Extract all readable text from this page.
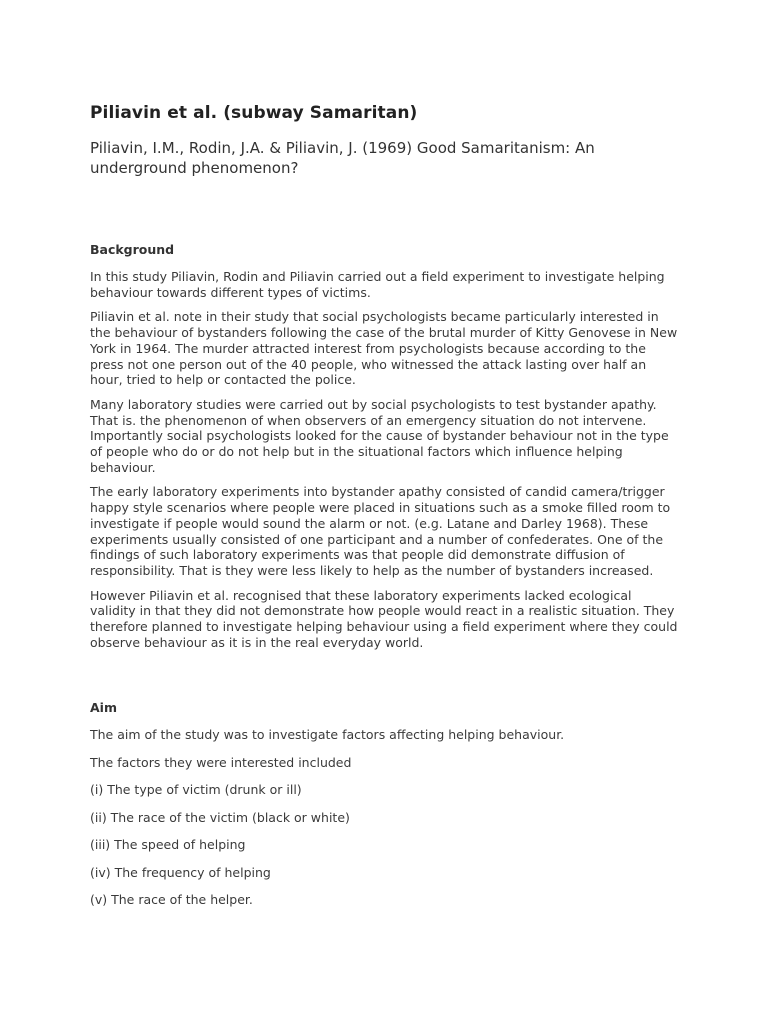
Piliavin et al. (subway Samaritan)
Piliavin, I.M., Rodin, J.A. & Piliavin, J. (1969) Good Samaritanism: An underground phenomenon?
Background

In this study Piliavin, Rodin and Piliavin carried out a field experiment to investigate helping behaviour towards different types of victims.

Piliavin et al. note in their study that social psychologists became particularly interested in the behaviour of bystanders following the case of the brutal murder of Kitty Genovese in New York in 1964. The murder attracted interest from psychologists because according to the press not one person out of the 40 people, who witnessed the attack lasting over half an hour, tried to help or contacted the police.

Many laboratory studies were carried out by social psychologists to test bystander apathy. That is. the phenomenon of when observers of an emergency situation do not intervene. Importantly social psychologists looked for the cause of bystander behaviour not in the type of people who do or do not help but in the situational factors which influence helping behaviour.

The early laboratory experiments into bystander apathy consisted of candid camera/trigger happy style scenarios where people were placed in situations such as a smoke filled room to investigate if people would sound the alarm or not. (e.g. Latane and Darley 1968). These experiments usually consisted of one participant and a number of confederates. One of the findings of such laboratory experiments was that people did demonstrate diffusion of responsibility. That is they were less likely to help as the number of bystanders increased.

However Piliavin et al. recognised that these laboratory experiments lacked ecological validity in that they did not demonstrate how people would react in a realistic situation. They therefore planned to investigate helping behaviour using a field experiment where they could observe behaviour as it is in the real everyday world.

Aim

The aim of the study was to investigate factors affecting helping behaviour.

The factors they were interested included

(i) The type of victim (drunk or ill)

(ii) The race of the victim (black or white)

(iii) The speed of helping

(iv) The frequency of helping

(v) The race of the helper.
